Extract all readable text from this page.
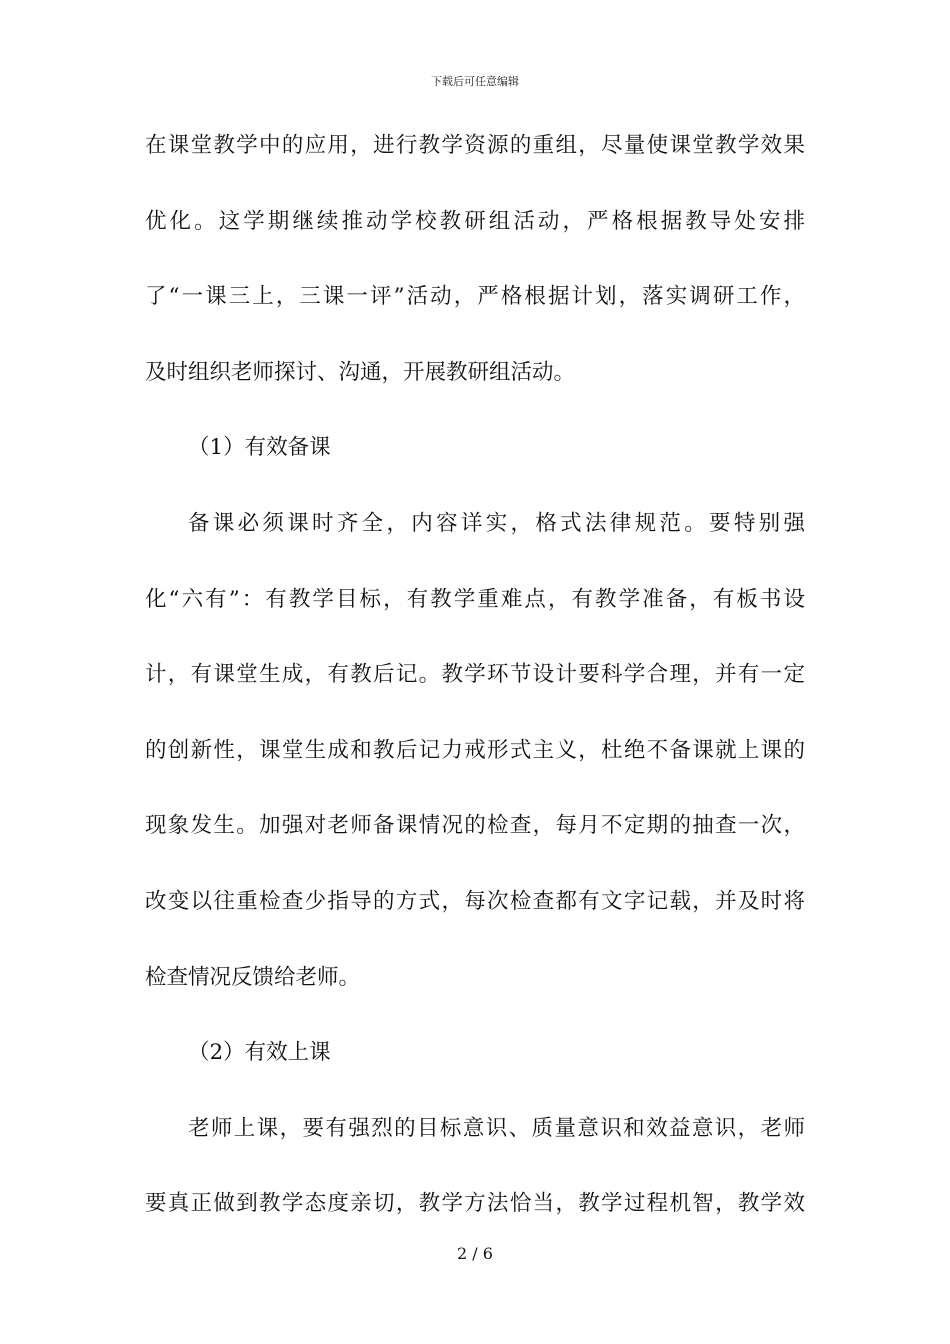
下载后可任意编辑
在课堂教学中的应用，进行教学资源的重组，尽量使课堂教学效果
优化。这学期继续推动学校教研组活动，严格根据教导处安排
了“一课三上，三课一评”活动，严格根据计划，落实调研工作，
及时组织老师探讨、沟通，开展教研组活动。
（1）有效备课
备课必须课时齐全，内容详实，格式法律规范。要特别强
化“六有”：有教学目标，有教学重难点，有教学准备，有板书设
计，有课堂生成，有教后记。教学环节设计要科学合理，并有一定
的创新性，课堂生成和教后记力戒形式主义，杜绝不备课就上课的
现象发生。加强对老师备课情况的检查，每月不定期的抽查一次，
改变以往重检查少指导的方式，每次检查都有文字记载，并及时将
检查情况反馈给老师。
（2）有效上课
老师上课，要有强烈的目标意识、质量意识和效益意识，老师
要真正做到教学态度亲切，教学方法恰当，教学过程机智，教学效
2 / 6
